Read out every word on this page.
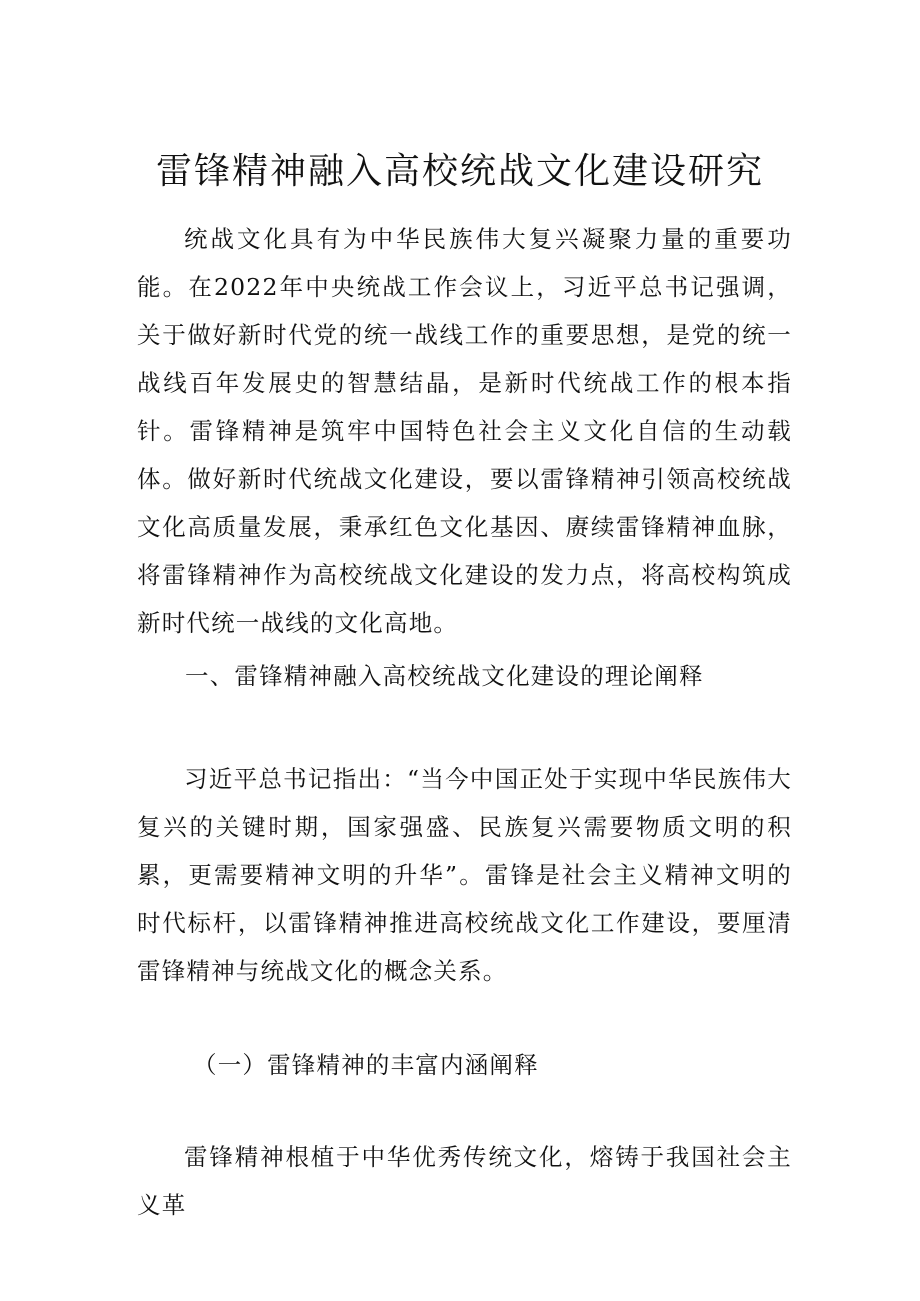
雷锋精神融入高校统战文化建设研究

统战文化具有为中华民族伟大复兴凝聚力量的重要功能。在2022年中央统战工作会议上，习近平总书记强调，关于做好新时代党的统一战线工作的重要思想，是党的统一战线百年发展史的智慧结晶，是新时代统战工作的根本指针。雷锋精神是筑牢中国特色社会主义文化自信的生动载体。做好新时代统战文化建设，要以雷锋精神引领高校统战文化高质量发展，秉承红色文化基因、赓续雷锋精神血脉，将雷锋精神作为高校统战文化建设的发力点，将高校构筑成新时代统一战线的文化高地。

一、雷锋精神融入高校统战文化建设的理论阐释

习近平总书记指出：“当今中国正处于实现中华民族伟大复兴的关键时期，国家强盛、民族复兴需要物质文明的积累，更需要精神文明的升华”。雷锋是社会主义精神文明的时代标杆，以雷锋精神推进高校统战文化工作建设，要厘清雷锋精神与统战文化的概念关系。

（一）雷锋精神的丰富内涵阐释

雷锋精神根植于中华优秀传统文化，熔铸于我国社会主义革
